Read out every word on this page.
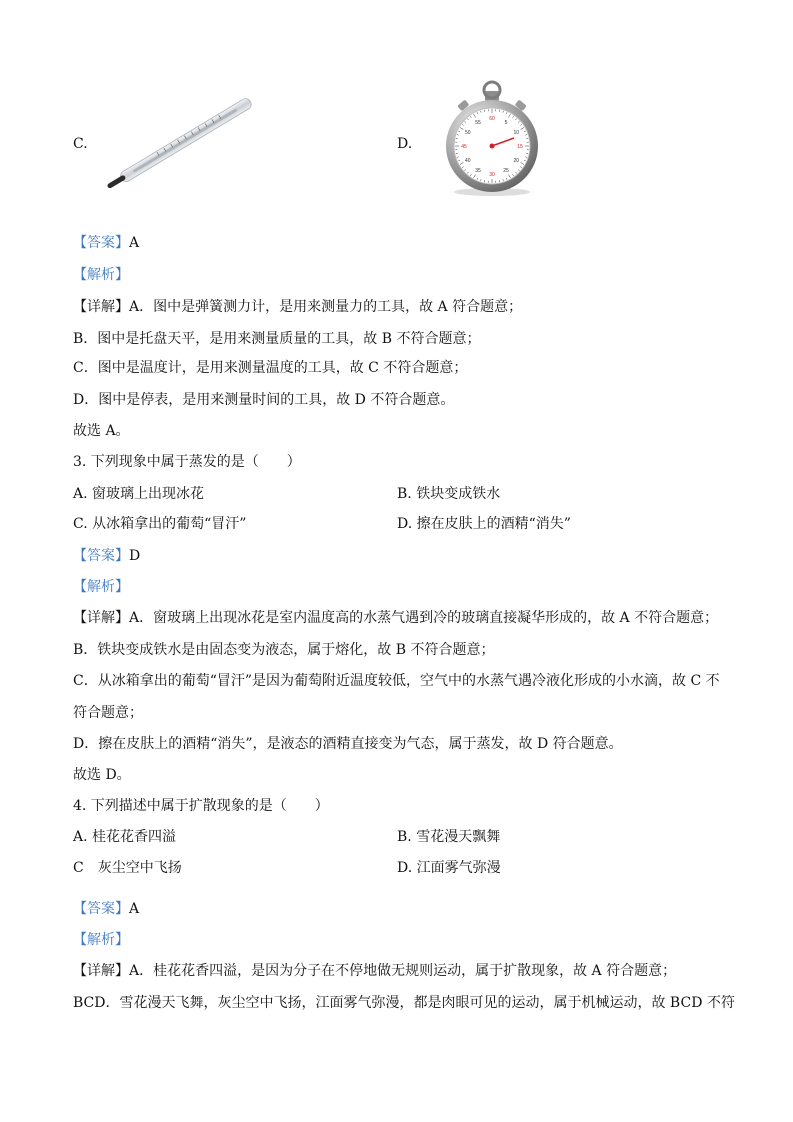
C.	D.
60
5
10
15
20
25
30
35
40
45
50
55
【答案】A
【解析】
【详解】A．图中是弹簧测力计，是用来测量力的工具，故 A 符合题意；
B．图中是托盘天平，是用来测量质量的工具，故 B 不符合题意；
C．图中是温度计，是用来测量温度的工具，故 C 不符合题意；
D．图中是停表，是用来测量时间的工具，故 D 不符合题意。
故选 A。
3. 下列现象中属于蒸发的是（　　）
A. 窗玻璃上出现冰花	B. 铁块变成铁水
C. 从冰箱拿出的葡萄“冒汗”	D. 擦在皮肤上的酒精“消失”
【答案】D
【解析】
【详解】A．窗玻璃上出现冰花是室内温度高的水蒸气遇到冷的玻璃直接凝华形成的，故 A 不符合题意；
B．铁块变成铁水是由固态变为液态，属于熔化，故 B 不符合题意；
C．从冰箱拿出的葡萄“冒汗”是因为葡萄附近温度较低，空气中的水蒸气遇冷液化形成的小水滴，故 C 不
符合题意；
D．擦在皮肤上的酒精“消失”，是液态的酒精直接变为气态，属于蒸发，故 D 符合题意。
故选 D。
4. 下列描述中属于扩散现象的是（　　）
A. 桂花花香四溢	B. 雪花漫天飘舞
C　灰尘空中飞扬	D. 江面雾气弥漫
【答案】A
【解析】
【详解】A．桂花花香四溢，是因为分子在不停地做无规则运动，属于扩散现象，故 A 符合题意；
BCD．雪花漫天飞舞，灰尘空中飞扬，江面雾气弥漫，都是肉眼可见的运动，属于机械运动，故 BCD 不符
